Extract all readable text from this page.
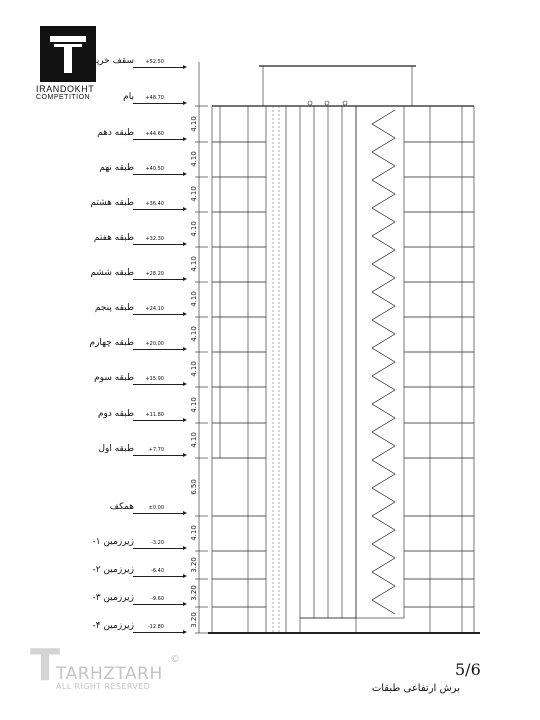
IRANDOKHT
COMPETITION
سقف خرپشته +52.50
بام +48.70
طبقه دهم +44.60
طبقه نهم +40.50
طبقه هشتم +36.40
طبقه هفتم +32.30
طبقه ششم +28.20
طبقه پنجم +24.10
طبقه چهارم +20.00
طبقه سوم +15.90
طبقه دوم +11.80
طبقه اول	+7.70
همکف	±0.00
زیرزمین ۱-	-3.20
زیرزمین ۲-	-6.40
زیرزمین ۳-	-9.60
زیرزمین ۴-	-12.80
4.10
4.10
4.10
4.10
4.10
4.10
4.10
4.10
4.10
4.10
6.50
4.10
3.20
3.20
3.20
T
TARHZTARH
ALL RIGHT RESERVED
©
5/6
برش ارتفاعی طبقات
